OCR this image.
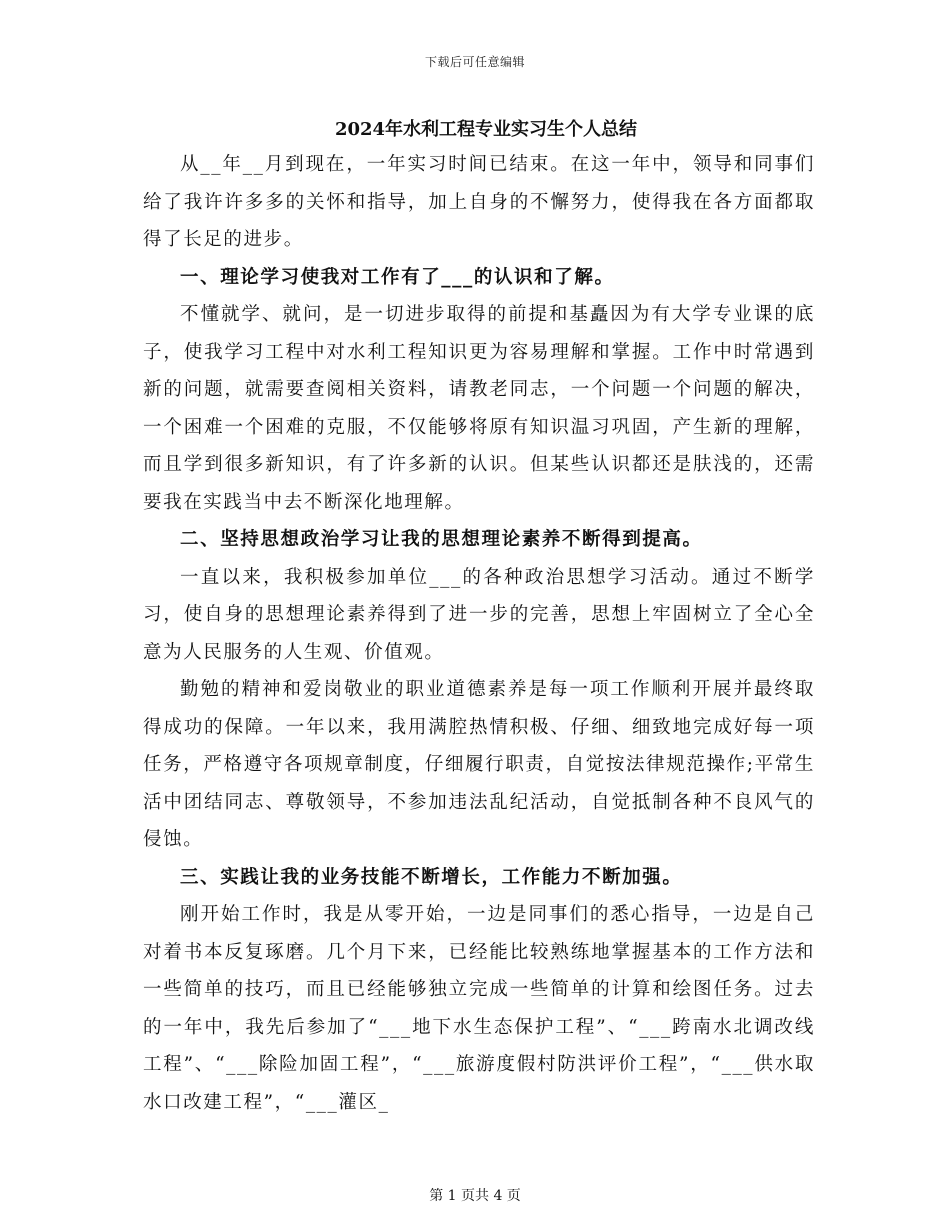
下载后可任意编辑
2024年水利工程专业实习生个人总结

从__年__月到现在，一年实习时间已结束。在这一年中，领导和同事们给了我许许多多的关怀和指导，加上自身的不懈努力，使得我在各方面都取得了长足的进步。

一、理论学习使我对工作有了___的认识和了解。

不懂就学、就问，是一切进步取得的前提和基矗因为有大学专业课的底子，使我学习工程中对水利工程知识更为容易理解和掌握。工作中时常遇到新的问题，就需要查阅相关资料，请教老同志，一个问题一个问题的解决，一个困难一个困难的克服，不仅能够将原有知识温习巩固，产生新的理解，而且学到很多新知识，有了许多新的认识。但某些认识都还是肤浅的，还需要我在实践当中去不断深化地理解。

二、坚持思想政治学习让我的思想理论素养不断得到提高。

一直以来，我积极参加单位___的各种政治思想学习活动。通过不断学习，使自身的思想理论素养得到了进一步的完善，思想上牢固树立了全心全意为人民服务的人生观、价值观。

勤勉的精神和爱岗敬业的职业道德素养是每一项工作顺利开展并最终取得成功的保障。一年以来，我用满腔热情积极、仔细、细致地完成好每一项任务，严格遵守各项规章制度，仔细履行职责，自觉按法律规范操作;平常生活中团结同志、尊敬领导，不参加违法乱纪活动，自觉抵制各种不良风气的侵蚀。

三、实践让我的业务技能不断增长，工作能力不断加强。

刚开始工作时，我是从零开始，一边是同事们的悉心指导，一边是自己对着书本反复琢磨。几个月下来，已经能比较熟练地掌握基本的工作方法和一些简单的技巧，而且已经能够独立完成一些简单的计算和绘图任务。过去的一年中，我先后参加了“___地下水生态保护工程”、“___跨南水北调改线工程”、“___除险加固工程”，“___旅游度假村防洪评价工程”，“___供水取水口改建工程”，“___灌区_

第 1 页共 4 页
